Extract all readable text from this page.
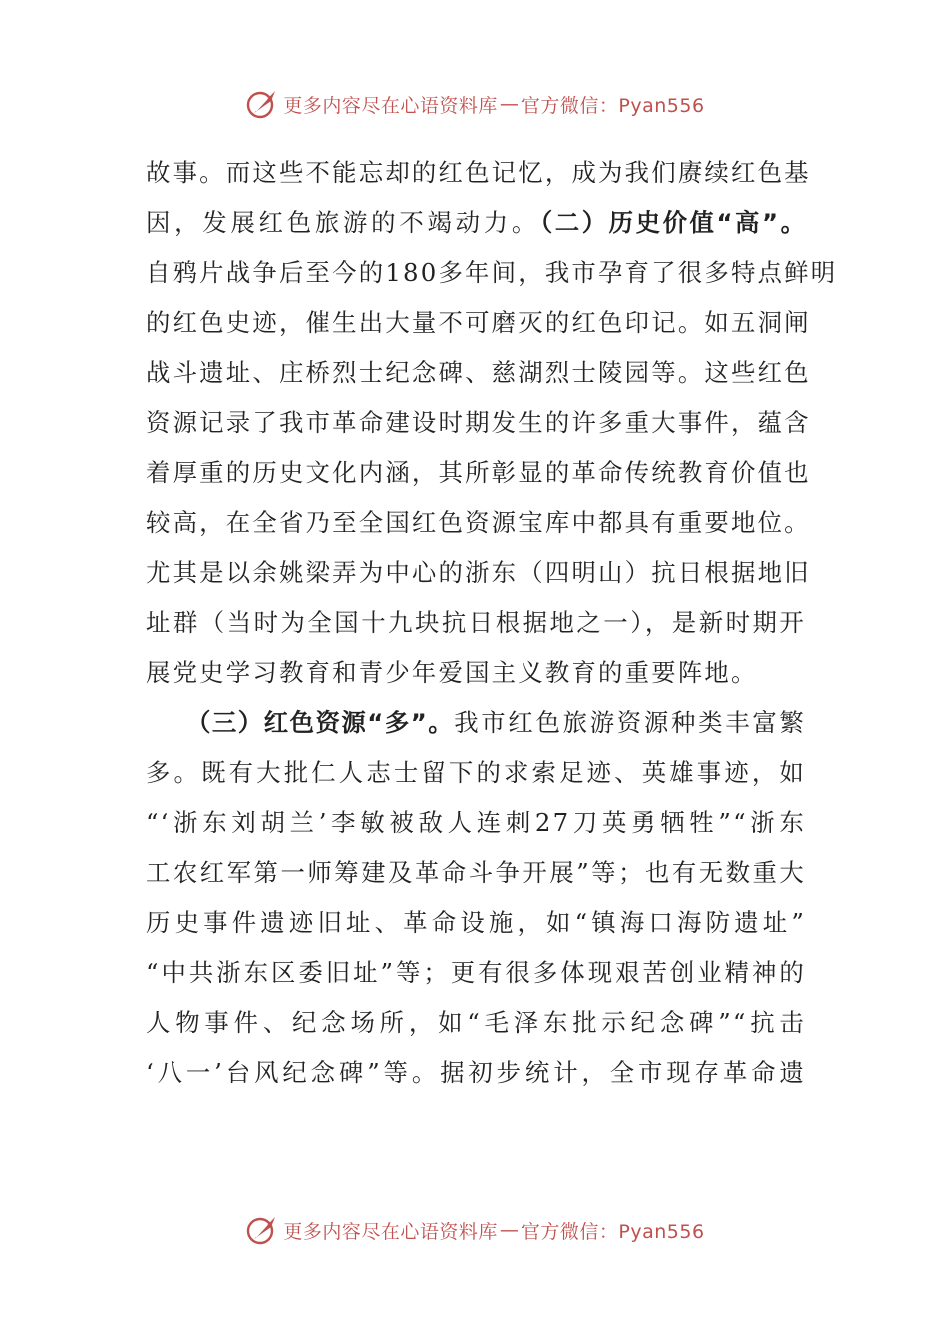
更多内容尽在心语资料库 — 官方微信：Pyan556
故事。而这些不能忘却的红色记忆，成为我们赓续红色基
因，发展红色旅游的不竭动力。（二）历史价值“高”。
自鸦片战争后至今的180多年间，我市孕育了很多特点鲜明
的红色史迹，催生出大量不可磨灭的红色印记。如五洞闸
战斗遗址、庄桥烈士纪念碑、慈湖烈士陵园等。这些红色
资源记录了我市革命建设时期发生的许多重大事件，蕴含
着厚重的历史文化内涵，其所彰显的革命传统教育价值也
较高，在全省乃至全国红色资源宝库中都具有重要地位。
尤其是以余姚梁弄为中心的浙东（四明山）抗日根据地旧
址群（当时为全国十九块抗日根据地之一），是新时期开
展党史学习教育和青少年爱国主义教育的重要阵地。
（三）红色资源“多”。我市红色旅游资源种类丰富繁
多。既有大批仁人志士留下的求索足迹、英雄事迹，如
“‘浙东刘胡兰’李敏被敌人连刺27刀英勇牺牲”“浙东
工农红军第一师筹建及革命斗争开展”等；也有无数重大
历史事件遗迹旧址、革命设施，如“镇海口海防遗址”
“中共浙东区委旧址”等；更有很多体现艰苦创业精神的
人物事件、纪念场所，如“毛泽东批示纪念碑”“抗击
‘八一’台风纪念碑”等。据初步统计，全市现存革命遗
更多内容尽在心语资料库 — 官方微信：Pyan556
